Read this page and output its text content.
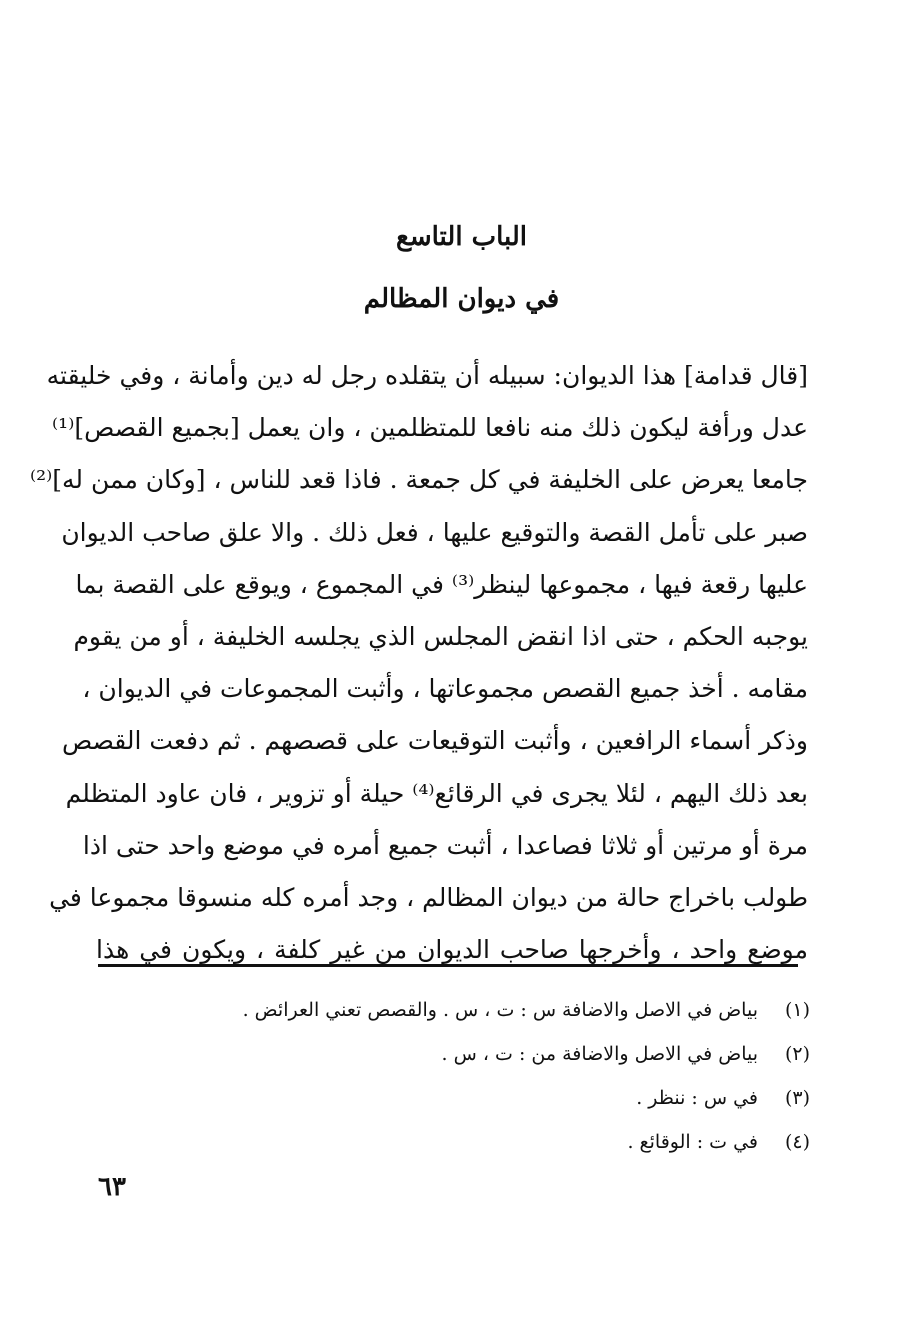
الباب التاسع
في ديوان المظالم
[قال قدامة] هذا الديوان: سبيله أن يتقلده رجل له دين وأمانة ، وفي خليقته
عدل ورأفة ليكون ذلك منه نافعا للمتظلمين ، وان يعمل [بجميع القصص]⁽¹⁾
جامعا يعرض على الخليفة في كل جمعة . فاذا قعد للناس ، [وكان ممن له]⁽²⁾
صبر على تأمل القصة والتوقيع عليها ، فعل ذلك . والا علق صاحب الديوان
عليها رقعة فيها ، مجموعها لينظر⁽³⁾ في المجموع ، ويوقع على القصة بما
يوجبه الحكم ، حتى اذا انقض المجلس الذي يجلسه الخليفة ، أو من يقوم
مقامه . أخذ جميع القصص مجموعاتها ، وأثبت المجموعات في الديوان ،
وذكر أسماء الرافعين ، وأثبت التوقيعات على قصصهم . ثم دفعت القصص
بعد ذلك اليهم ، لئلا يجرى في الرقائع⁽⁴⁾ حيلة أو تزوير ، فان عاود المتظلم
مرة أو مرتين أو ثلاثا فصاعدا ، أثبت جميع أمره في موضع واحد حتى اذا
طولب باخراج حالة من ديوان المظالم ، وجد أمره كله منسوقا مجموعا في
موضع واحد ، وأخرجها صاحب الديوان من غير كلفة ، ويكون في هذا
(١)
بياض في الاصل والاضافة س : ت ، س . والقصص تعني العرائض .
(٢)
بياض في الاصل والاضافة من : ت ، س .
(٣)
في س : ننظر .
(٤)
في ت : الوقائع .
٦٣
